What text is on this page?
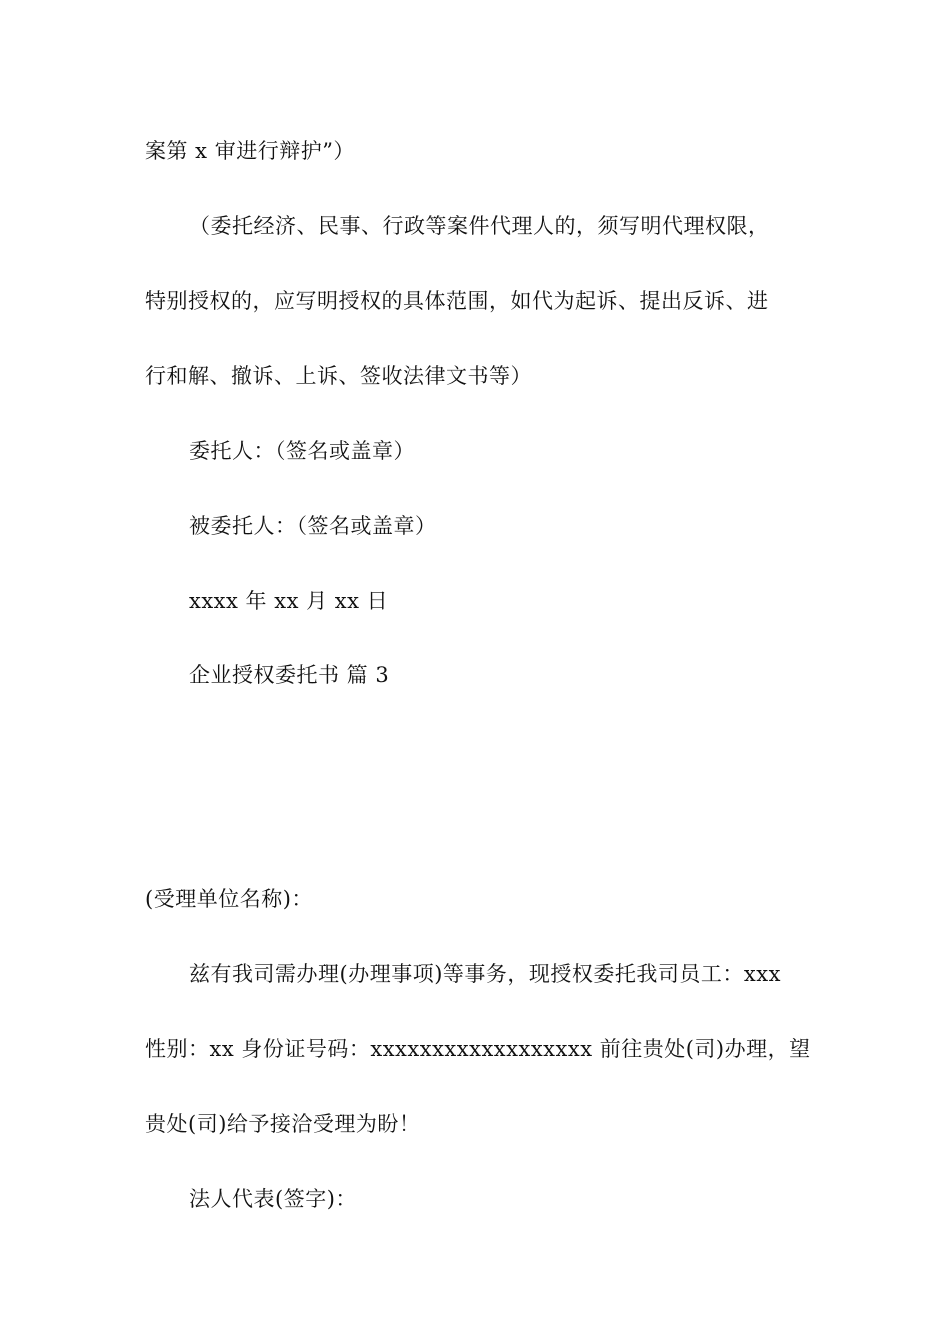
案第 x 审进行辩护”）
（委托经济、民事、行政等案件代理人的，须写明代理权限，
特别授权的，应写明授权的具体范围，如代为起诉、提出反诉、进
行和解、撤诉、上诉、签收法律文书等）
委托人：（签名或盖章）
被委托人：（签名或盖章）
xxxx 年 xx 月 xx 日
企业授权委托书 篇 3
(受理单位名称)：
兹有我司需办理(办理事项)等事务，现授权委托我司员工：xxx
性别：xx 身份证号码：xxxxxxxxxxxxxxxxxx 前往贵处(司)办理，望
贵处(司)给予接洽受理为盼！
法人代表(签字)：
